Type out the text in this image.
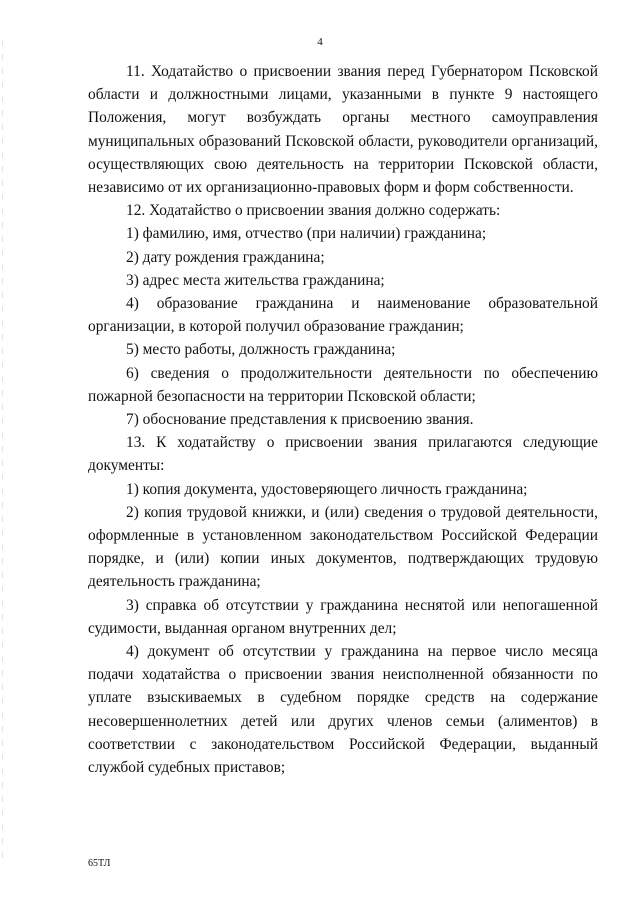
4

11. Ходатайство о присвоении звания перед Губернатором Псковской области и должностными лицами, указанными в пункте 9 настоящего Положения, могут возбуждать органы местного самоуправления муниципальных образований Псковской области, руководители организаций, осуществляющих свою деятельность на территории Псковской области, независимо от их организационно-правовых форм и форм собственности.

12. Ходатайство о присвоении звания должно содержать:

1) фамилию, имя, отчество (при наличии) гражданина;

2) дату рождения гражданина;

3) адрес места жительства гражданина;

4) образование гражданина и наименование образовательной организации, в которой получил образование гражданин;

5) место работы, должность гражданина;

6) сведения о продолжительности деятельности по обеспечению пожарной безопасности на территории Псковской области;

7) обоснование представления к присвоению звания.

13. К ходатайству о присвоении звания прилагаются следующие документы:

1) копия документа, удостоверяющего личность гражданина;

2) копия трудовой книжки, и (или) сведения о трудовой деятельности, оформленные в установленном законодательством Российской Федерации порядке, и (или) копии иных документов, подтверждающих трудовую деятельность гражданина;

3) справка об отсутствии у гражданина неснятой или непогашенной судимости, выданная органом внутренних дел;

4) документ об отсутствии у гражданина на первое число месяца подачи ходатайства о присвоении звания неисполненной обязанности по уплате взыскиваемых в судебном порядке средств на содержание несовершеннолетних детей или других членов семьи (алиментов) в соответствии с законодательством Российской Федерации, выданный службой судебных приставов;

65ТЛ
